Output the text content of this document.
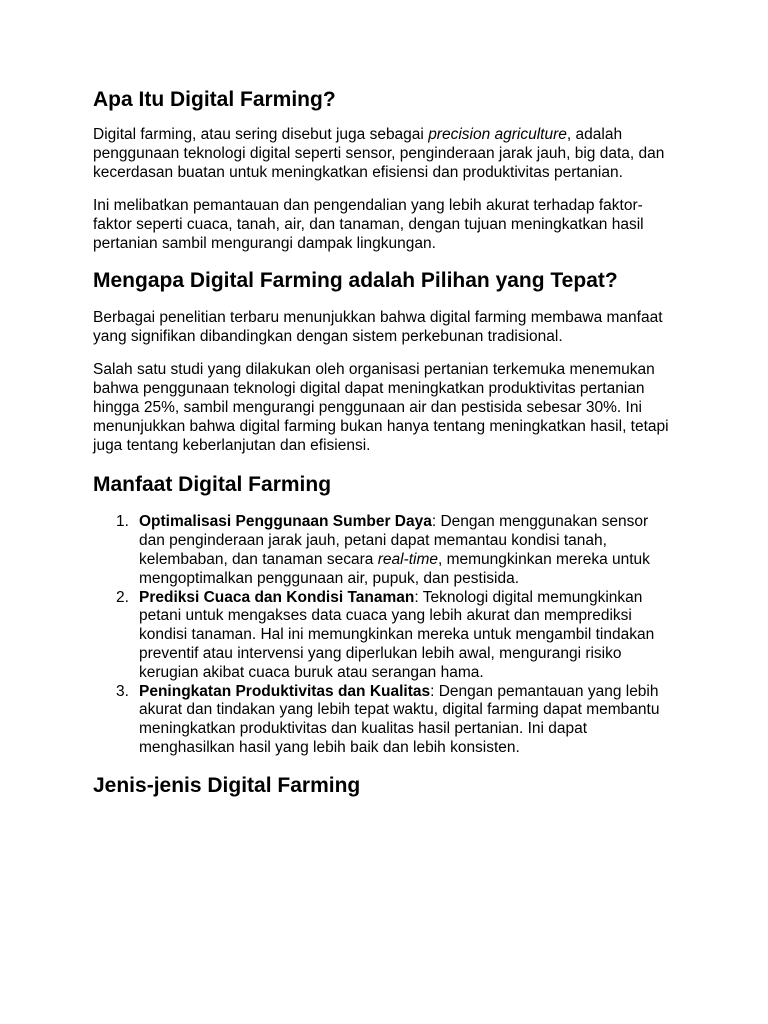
Apa Itu Digital Farming?

Digital farming, atau sering disebut juga sebagai precision agriculture, adalah penggunaan teknologi digital seperti sensor, penginderaan jarak jauh, big data, dan kecerdasan buatan untuk meningkatkan efisiensi dan produktivitas pertanian.

Ini melibatkan pemantauan dan pengendalian yang lebih akurat terhadap faktor-faktor seperti cuaca, tanah, air, dan tanaman, dengan tujuan meningkatkan hasil pertanian sambil mengurangi dampak lingkungan.

Mengapa Digital Farming adalah Pilihan yang Tepat?

Berbagai penelitian terbaru menunjukkan bahwa digital farming membawa manfaat yang signifikan dibandingkan dengan sistem perkebunan tradisional.

Salah satu studi yang dilakukan oleh organisasi pertanian terkemuka menemukan bahwa penggunaan teknologi digital dapat meningkatkan produktivitas pertanian hingga 25%, sambil mengurangi penggunaan air dan pestisida sebesar 30%. Ini menunjukkan bahwa digital farming bukan hanya tentang meningkatkan hasil, tetapi juga tentang keberlanjutan dan efisiensi.

Manfaat Digital Farming
1. Optimalisasi Penggunaan Sumber Daya: Dengan menggunakan sensor dan penginderaan jarak jauh, petani dapat memantau kondisi tanah, kelembaban, dan tanaman secara real-time, memungkinkan mereka untuk mengoptimalkan penggunaan air, pupuk, dan pestisida.
2. Prediksi Cuaca dan Kondisi Tanaman: Teknologi digital memungkinkan petani untuk mengakses data cuaca yang lebih akurat dan memprediksi kondisi tanaman. Hal ini memungkinkan mereka untuk mengambil tindakan preventif atau intervensi yang diperlukan lebih awal, mengurangi risiko kerugian akibat cuaca buruk atau serangan hama.
3. Peningkatan Produktivitas dan Kualitas: Dengan pemantauan yang lebih akurat dan tindakan yang lebih tepat waktu, digital farming dapat membantu meningkatkan produktivitas dan kualitas hasil pertanian. Ini dapat menghasilkan hasil yang lebih baik dan lebih konsisten.
Jenis-jenis Digital Farming
